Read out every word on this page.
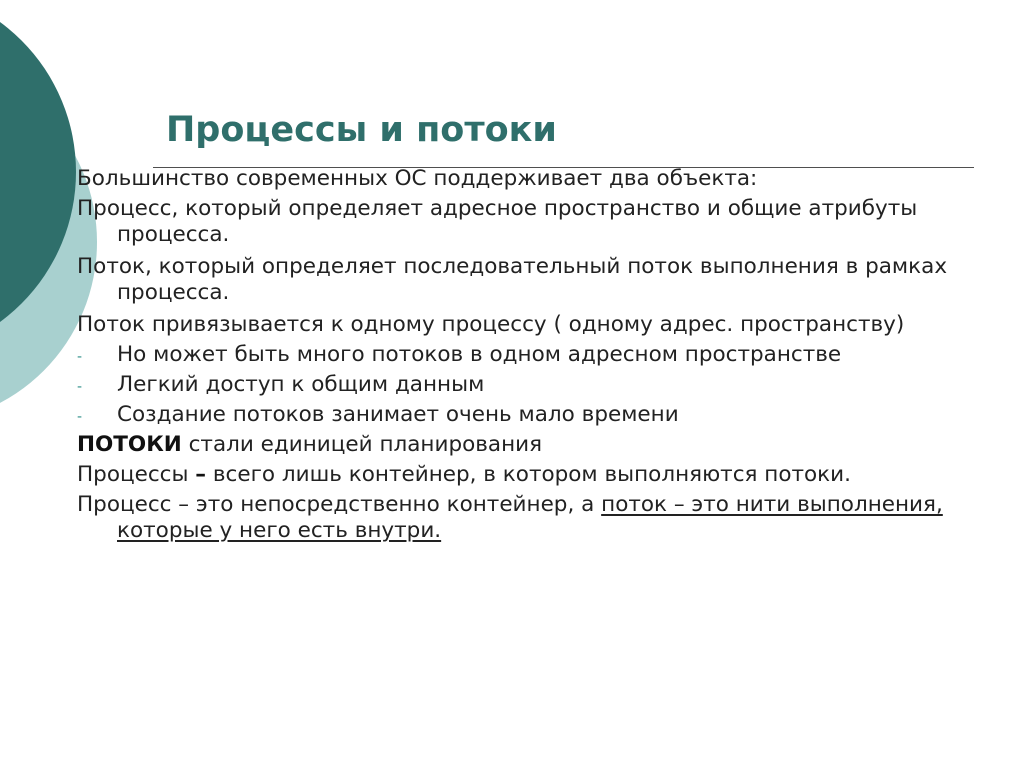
Процессы и потоки

Большинство современных ОС поддерживает два объекта:

Процесс, который определяет адресное пространство и общие атрибуты процесса.

Поток, который определяет последовательный поток выполнения в рамках процесса.

Поток привязывается к одному процессу ( одному адрес. пространству)

- Но может быть много потоков в одном адресном пространстве
- Легкий доступ к общим данным
- Создание потоков занимает очень мало времени

ПОТОКИ стали единицей планирования

Процессы – всего лишь контейнер, в котором выполняются потоки.

Процесс – это непосредственно контейнер, а поток – это нити выполнения, которые у него есть внутри.
